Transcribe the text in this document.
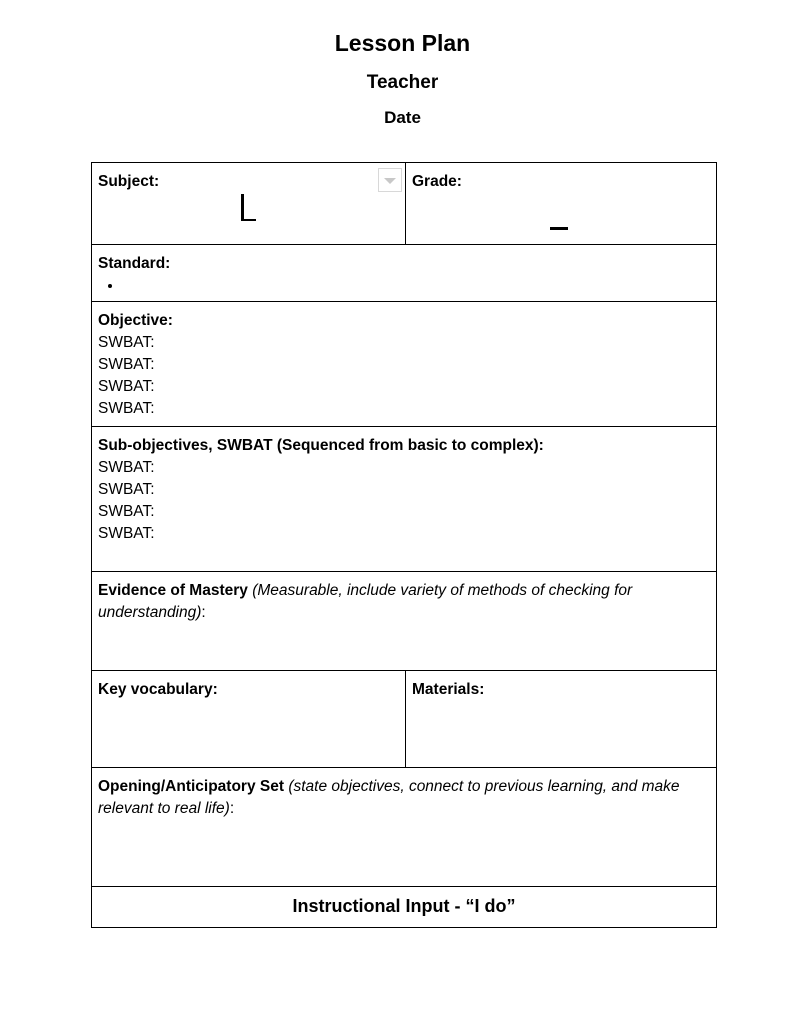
Lesson Plan
Teacher
Date
Subject:	Grade:
Standard:
•
Objective:
SWBAT:
SWBAT:
SWBAT:
SWBAT:
Sub-objectives, SWBAT (Sequenced from basic to complex):
SWBAT:
SWBAT:
SWBAT:
SWBAT:
Evidence of Mastery (Measurable, include variety of methods of checking for understanding):
Key vocabulary:	Materials:
Opening/Anticipatory Set (state objectives, connect to previous learning, and make relevant to real life):
Instructional Input - “I do”
